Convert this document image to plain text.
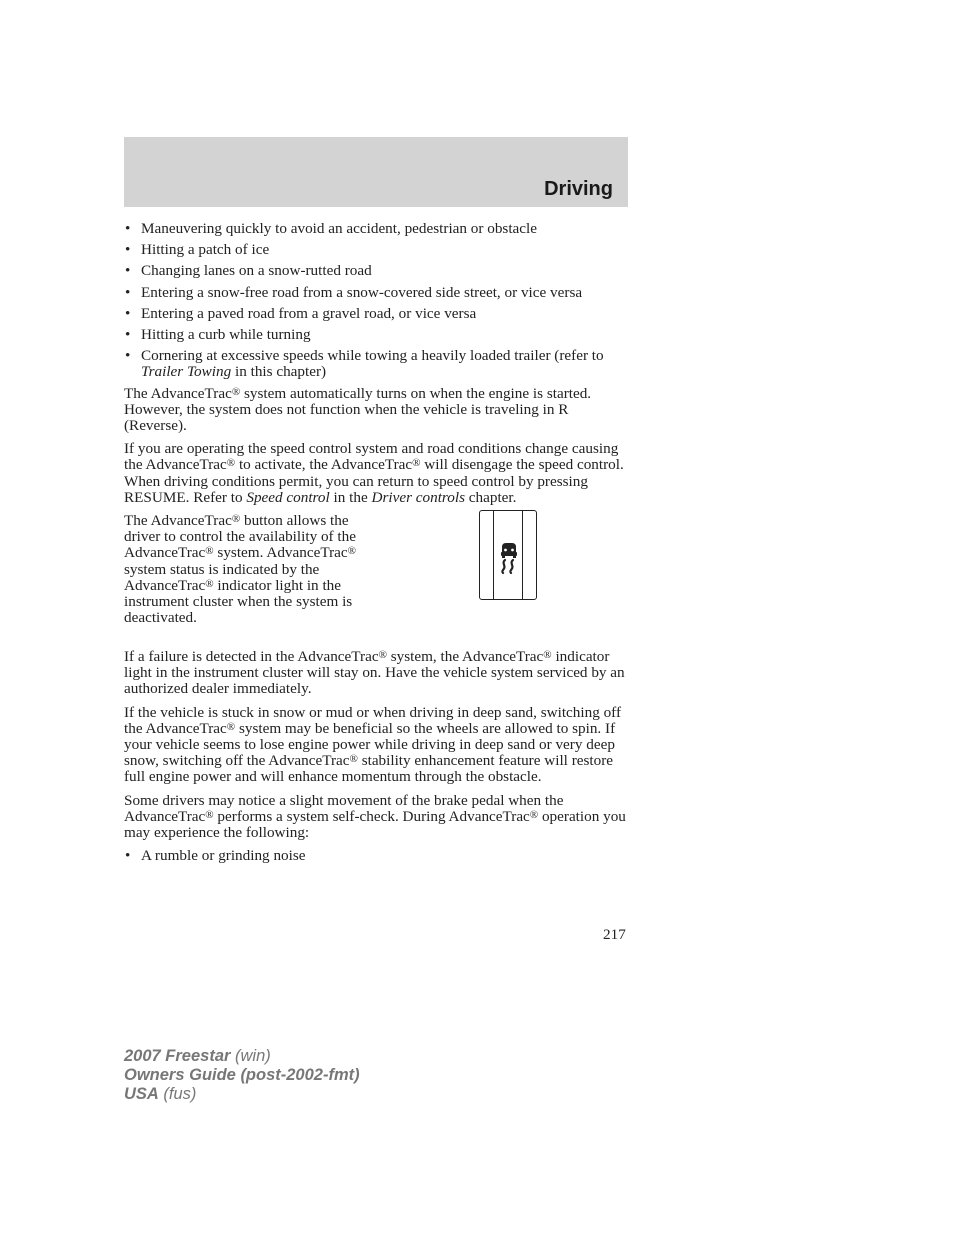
Driving
• Maneuvering quickly to avoid an accident, pedestrian or obstacle
• Hitting a patch of ice
• Changing lanes on a snow-rutted road
• Entering a snow-free road from a snow-covered side street, or vice versa
• Entering a paved road from a gravel road, or vice versa
• Hitting a curb while turning
• Cornering at excessive speeds while towing a heavily loaded trailer (refer to Trailer Towing in this chapter)

The AdvanceTrac® system automatically turns on when the engine is started. However, the system does not function when the vehicle is traveling in R (Reverse).

If you are operating the speed control system and road conditions change causing the AdvanceTrac® to activate, the AdvanceTrac® will disengage the speed control. When driving conditions permit, you can return to speed control by pressing RESUME. Refer to Speed control in the Driver controls chapter.

The AdvanceTrac® button allows the driver to control the availability of the AdvanceTrac® system. AdvanceTrac® system status is indicated by the AdvanceTrac® indicator light in the instrument cluster when the system is deactivated.

If a failure is detected in the AdvanceTrac® system, the AdvanceTrac® indicator light in the instrument cluster will stay on. Have the vehicle system serviced by an authorized dealer immediately.

If the vehicle is stuck in snow or mud or when driving in deep sand, switching off the AdvanceTrac® system may be beneficial so the wheels are allowed to spin. If your vehicle seems to lose engine power while driving in deep sand or very deep snow, switching off the AdvanceTrac® stability enhancement feature will restore full engine power and will enhance momentum through the obstacle.

Some drivers may notice a slight movement of the brake pedal when the AdvanceTrac® performs a system self-check. During AdvanceTrac® operation you may experience the following:

• A rumble or grinding noise

217

2007 Freestar (win)
Owners Guide (post-2002-fmt)
USA (fus)
